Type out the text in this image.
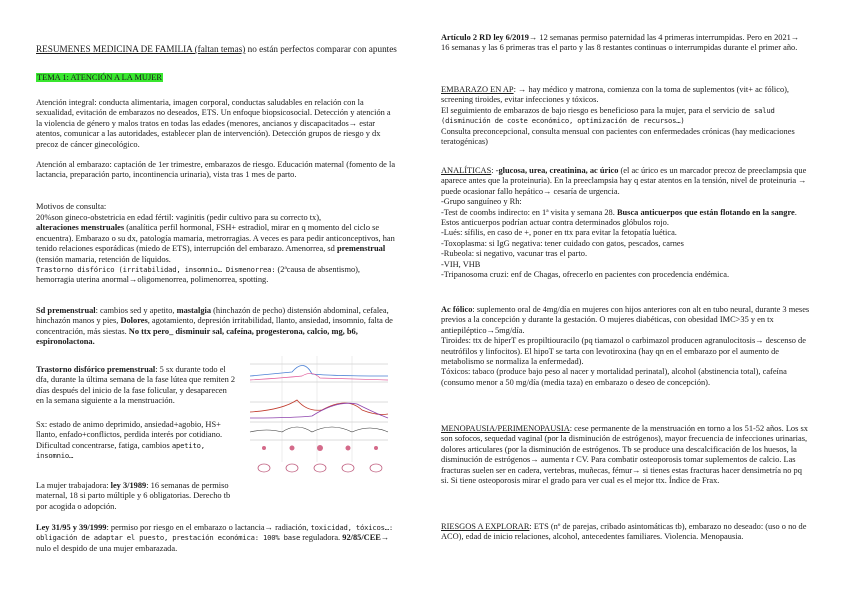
RESUMENES MEDICINA DE FAMILIA (faltan temas) no están perfectos comparar con apuntes

TEMA 1: ATENCIÓN A LA MUJER

Atención integral: conducta alimentaria, imagen corporal, conductas saludables en relación con la sexualidad, evitación de embarazos no deseados, ETS. Un enfoque biopsicosocial. Detección y atención a la violencia de género y malos tratos en todas las edades (menores, ancianos y discapacitados→ estar atentos, comunicar a las autoridades, establecer plan de intervención). Detección grupos de riesgo y dx precoz de cáncer ginecológico.

Atención al embarazo: captación de 1er trimestre, embarazos de riesgo. Educación maternal (fomento de la lactancia, preparación parto, incontinencia urinaria), vista tras 1 mes de parto.

Motivos de consulta:

20%son gineco-obstetricia en edad fértil: vaginitis (pedir cultivo para su correcto tx),
alteraciones menstruales (analítica perfil hormonal, FSH+ estradiol, mirar en q momento del ciclo se encuentra). Embarazo o su dx, patología mamaria, metrorragias. A veces es para pedir anticonceptivos, han tenido relaciones esporádicas (miedo de ETS), interrupción del embarazo. Amenorrea, sd premenstrual (tensión mamaria, retención de líquidos.
Trastorno disfórico (irritabilidad, insomnio… Dismenorrea: (2ªcausa de absentismo), hemorragia uterina anormal→oligomenorrea, polimenorrea, spotting.

Sd premenstrual: cambios sed y apetito, mastalgia (hinchazón de pecho) distensión abdominal, cefalea, hinchazón manos y pies, Dolores, agotamiento, depresión irritabilidad, llanto, ansiedad, insomnio, falta de concentración, más siestas. No ttx pero_ disminuir sal, cafeína, progesterona, calcio, mg, b6, espironolactona.

Trastorno disfórico premenstrual: 5 sx durante todo el dfa, durante la última semana de la fase lútea que remiten 2 días después del inicio de la fase folicular, y desaparecen en la semana siguiente a la menstruación.

Sx: estado de animo deprimido, ansiedad+agobio, HS+ llanto, enfado+conflictos, perdida interés por cotidiano. Dificultad concentrarse, fatiga, cambios apetito, insomnio…

La mujer trabajadora: ley 3/1989: 16 semanas de permiso maternal, 18 si parto múltiple y 6 obligatorias. Derecho tb por acogida o adopción.

Ley 31/95 y 39/1999: permiso por riesgo en el embarazo o lactancia→ radiación, toxicidad, tóxicos…: obligación de adaptar el puesto, prestación económica: 100% base reguladora. 92/85/CEE→ nulo el despido de una mujer embarazada.

Artículo 2 RD ley 6/2019→ 12 semanas permiso paternidad las 4 primeras interrumpidas. Pero en 2021→ 16 semanas y las 6 primeras tras el parto y las 8 restantes continuas o interrumpidas durante el primer año.

EMBARAZO EN AP: → hay médico y matrona, comienza con la toma de suplementos (vit+ ac fólico), screening tiroides, evitar infecciones y tóxicos.
El seguimiento de embarazos de bajo riesgo es beneficioso para la mujer, para el servicio de salud (disminución de coste económico, optimización de recursos…)
Consulta preconcepcional, consulta mensual con pacientes con enfermedades crónicas (hay medicaciones teratogénicas)

ANALÍTICAS: -glucosa, urea, creatinina, ac úrico (el ac úrico es un marcador precoz de preeclampsia que aparece antes que la proteinuria). En la preeclampsia hay q estar atentos en la tensión, nivel de proteinuria → puede ocasionar fallo hepático→ cesaría de urgencia.
-Grupo sanguíneo y Rh:
-Test de coombs indirecto: en 1ª visita y semana 28. Busca anticuerpos que están flotando en la sangre. Estos anticuerpos podrían actuar contra determinados glóbulos rojo.
-Lués: sífilis, en caso de +, poner en ttx para evitar la fetopatía luética.
-Toxoplasma: si IgG negativa: tener cuidado con gatos, pescados, carnes
-Rubeola: si negativo, vacunar tras el parto.
-VIH, VHB
-Tripanosoma cruzi: enf de Chagas, ofrecerlo en pacientes con procedencia endémica.

Ac fólico: suplemento oral de 4mg/día en mujeres con hijos anteriores con alt en tubo neural, durante 3 meses previos a la concepción y durante la gestación. O mujeres diabéticas, con obesidad IMC>35 y en tx antiepiléptico→5mg/día.
Tiroides: ttx de hiperT es propiltiouracilo (pq tiamazol o carbimazol producen agranulocitosis→ descenso de neutrófilos y linfocitos). El hipoT se tarta con levotiroxina (hay qn en el embarazo por el aumento de metabolismo se normaliza la enfermedad).
Tóxicos: tabaco (produce bajo peso al nacer y mortalidad perinatal), alcohol (abstinencia total), cafeína (consumo menor a 50 mg/día (media taza) en embarazo o deseo de concepción).

MENOPAUSIA/PERIMENOPAUSIA: cese permanente de la menstruación en torno a los 51-52 años. Los sx son sofocos, sequedad vaginal (por la disminución de estrógenos), mayor frecuencia de infecciones urinarias, dolores articulares (por la disminución de estrógenos. Tb se produce una descalcificación de los huesos, la disminución de estrógenos→ aumenta r CV. Para combatir osteoporosis tomar suplementos de calcio. Las fracturas suelen ser en cadera, vertebras, muñecas, fémur→ si tienes estas fracturas hacer densimetría no pq si. Si tiene osteoporosis mirar el grado para ver cual es el mejor ttx. Índice de Frax.

RIESGOS A EXPLORAR: ETS (nº de parejas, cribado asintomáticas tb), embarazo no deseado: (uso o no de ACO), edad de inicio relaciones, alcohol, antecedentes familiares. Violencia. Menopausia.
